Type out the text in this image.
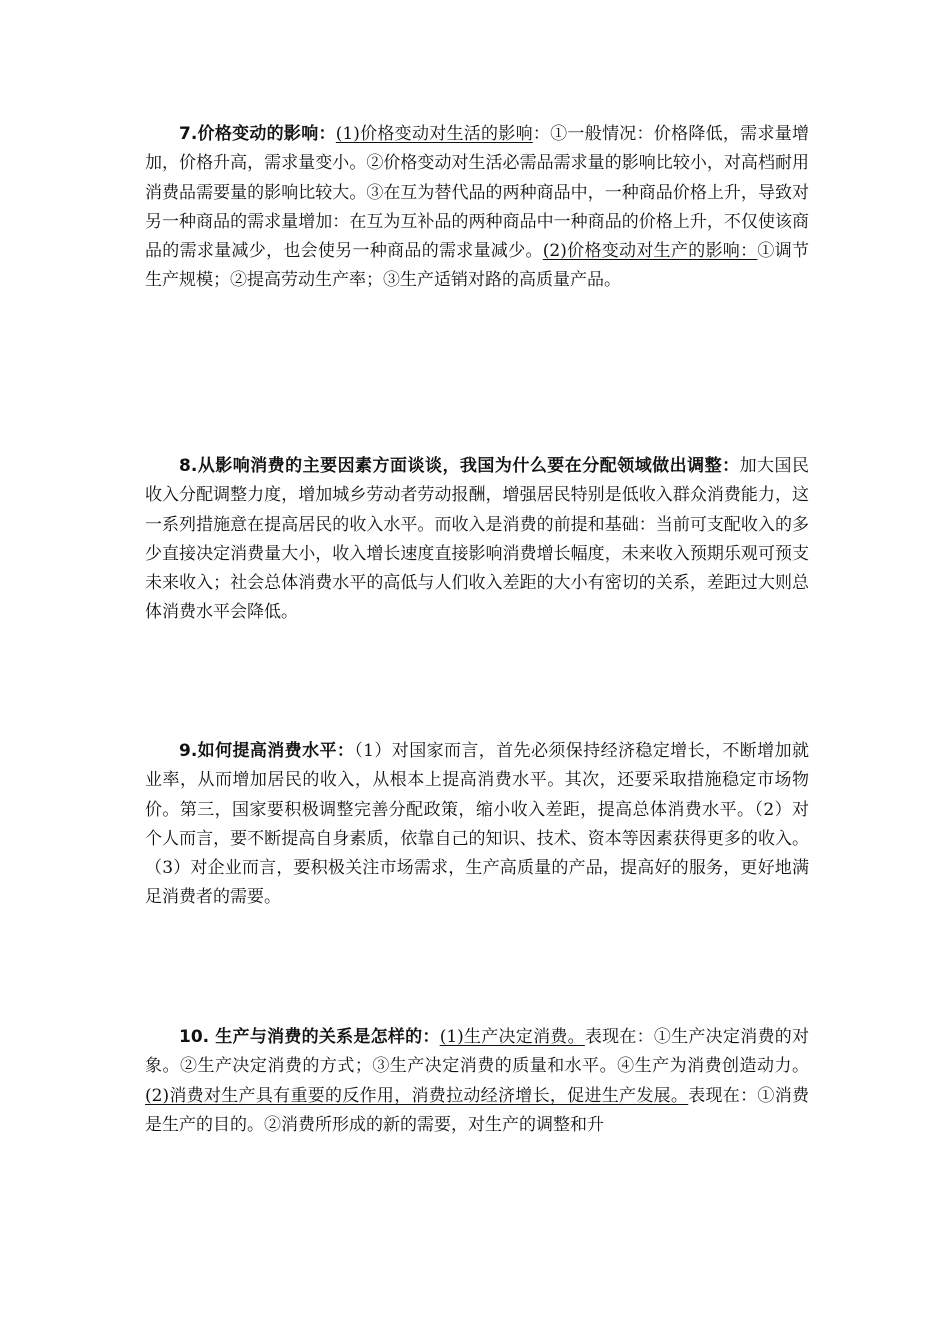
7.价格变动的影响：(1)价格变动对生活的影响：①一般情况：价格降低，需求量增加，价格升高，需求量变小。②价格变动对生活必需品需求量的影响比较小，对高档耐用消费品需要量的影响比较大。③在互为替代品的两种商品中，一种商品价格上升，导致对另一种商品的需求量增加：在互为互补品的两种商品中一种商品的价格上升，不仅使该商品的需求量减少，也会使另一种商品的需求量减少。(2)价格变动对生产的影响：①调节生产规模；②提高劳动生产率；③生产适销对路的高质量产品。

8.从影响消费的主要因素方面谈谈，我国为什么要在分配领域做出调整：加大国民收入分配调整力度，增加城乡劳动者劳动报酬，增强居民特别是低收入群众消费能力，这一系列措施意在提高居民的收入水平。而收入是消费的前提和基础：当前可支配收入的多少直接决定消费量大小，收入增长速度直接影响消费增长幅度，未来收入预期乐观可预支未来收入；社会总体消费水平的高低与人们收入差距的大小有密切的关系，差距过大则总体消费水平会降低。

9.如何提高消费水平：（1）对国家而言，首先必须保持经济稳定增长，不断增加就业率，从而增加居民的收入，从根本上提高消费水平。其次，还要采取措施稳定市场物价。第三，国家要积极调整完善分配政策，缩小收入差距，提高总体消费水平。（2）对个人而言，要不断提高自身素质，依靠自己的知识、技术、资本等因素获得更多的收入。（3）对企业而言，要积极关注市场需求，生产高质量的产品，提高好的服务，更好地满足消费者的需要。

10. 生产与消费的关系是怎样的：(1)生产决定消费。表现在：①生产决定消费的对象。②生产决定消费的方式；③生产决定消费的质量和水平。④生产为消费创造动力。(2)消费对生产具有重要的反作用，消费拉动经济增长，促进生产发展。表现在：①消费是生产的目的。②消费所形成的新的需要，对生产的调整和升
